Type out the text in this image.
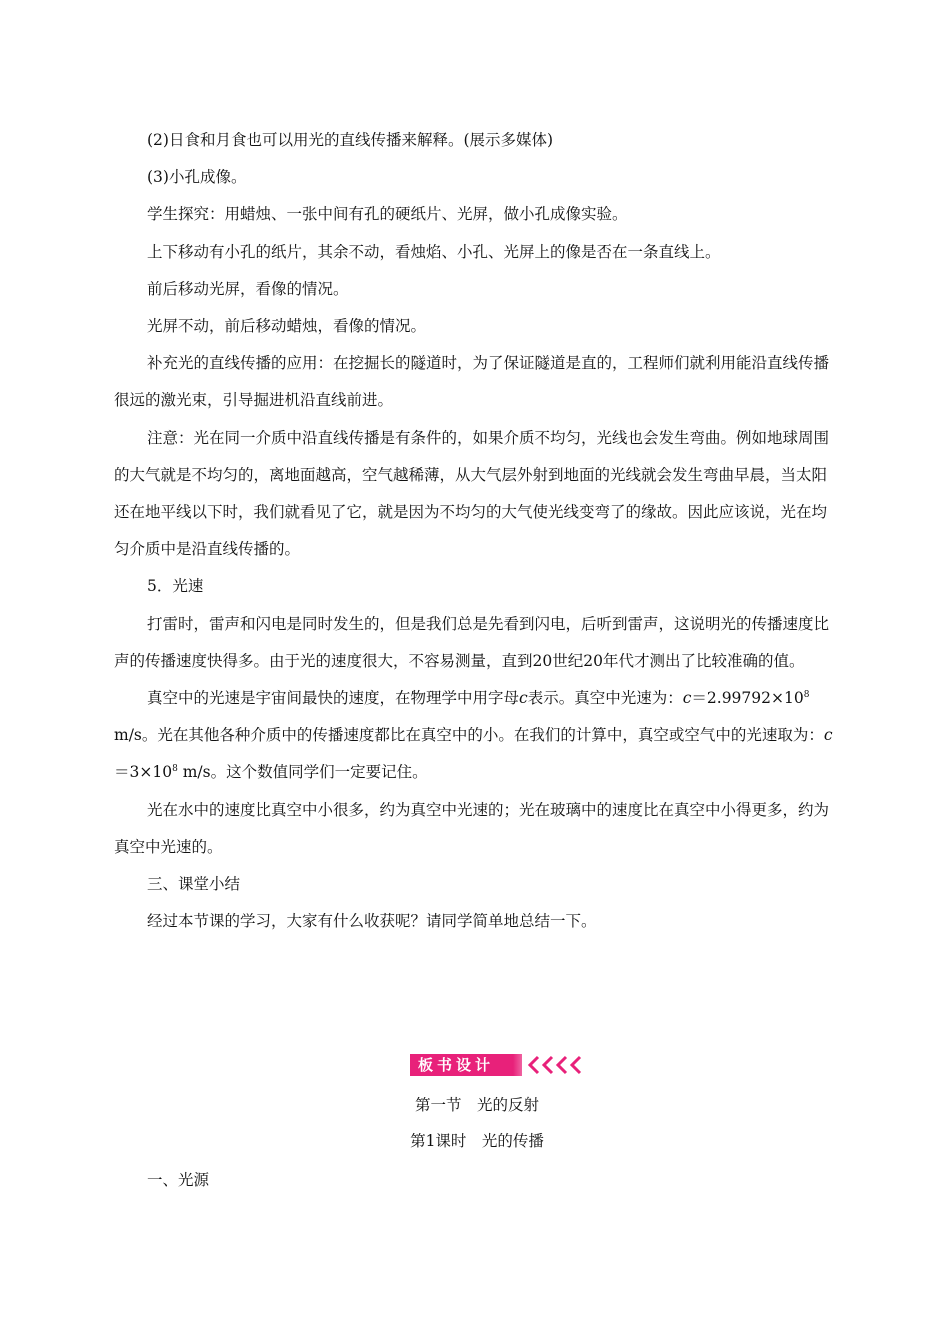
(2)日食和月食也可以用光的直线传播来解释。(展示多媒体)

(3)小孔成像。

学生探究：用蜡烛、一张中间有孔的硬纸片、光屏，做小孔成像实验。

上下移动有小孔的纸片，其余不动，看烛焰、小孔、光屏上的像是否在一条直线上。

前后移动光屏，看像的情况。

光屏不动，前后移动蜡烛，看像的情况。

补充光的直线传播的应用：在挖掘长的隧道时，为了保证隧道是直的，工程师们就利用能沿直线传播很远的激光束，引导掘进机沿直线前进。

注意：光在同一介质中沿直线传播是有条件的，如果介质不均匀，光线也会发生弯曲。例如地球周围的大气就是不均匀的，离地面越高，空气越稀薄，从大气层外射到地面的光线就会发生弯曲早晨，当太阳还在地平线以下时，我们就看见了它，就是因为不均匀的大气使光线变弯了的缘故。因此应该说，光在均匀介质中是沿直线传播的。

5．光速

打雷时，雷声和闪电是同时发生的，但是我们总是先看到闪电，后听到雷声，这说明光的传播速度比声的传播速度快得多。由于光的速度很大，不容易测量，直到20世纪20年代才测出了比较准确的值。

真空中的光速是宇宙间最快的速度，在物理学中用字母c表示。真空中光速为：$c=2.99792\times 10^8$ m/s。光在其他各种介质中的传播速度都比在真空中的小。在我们的计算中，真空或空气中的光速取为：$c=3\times 10^8$ m/s。这个数值同学们一定要记住。

光在水中的速度比真空中小很多，约为真空中光速的；光在玻璃中的速度比在真空中小得更多，约为真空中光速的。

三、课堂小结

经过本节课的学习，大家有什么收获呢？请同学简单地总结一下。

板书设计
第一节　光的反射
第1课时　光的传播
一、光源
